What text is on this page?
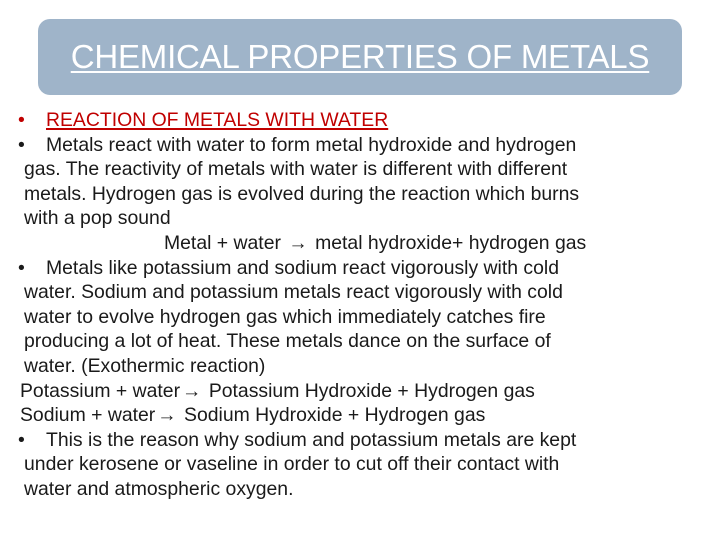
CHEMICAL PROPERTIES OF METALS
•	REACTION OF METALS WITH WATER
•	Metals react with water to form metal hydroxide and hydrogen
gas. The reactivity of metals with water is different with different
metals. Hydrogen gas is evolved during the reaction which burns
with a pop sound
Metal + water → metal hydroxide+ hydrogen gas
•	Metals like potassium and sodium react vigorously with cold
water. Sodium and potassium metals react vigorously with cold
water to evolve hydrogen gas which immediately catches fire
producing a lot of heat. These metals dance on the surface of
water. (Exothermic reaction)
Potassium + water → Potassium Hydroxide + Hydrogen gas
Sodium + water → Sodium Hydroxide + Hydrogen gas
•	This is the reason why sodium and potassium metals are kept
under kerosene or vaseline in order to cut off their contact with
water and atmospheric oxygen.
